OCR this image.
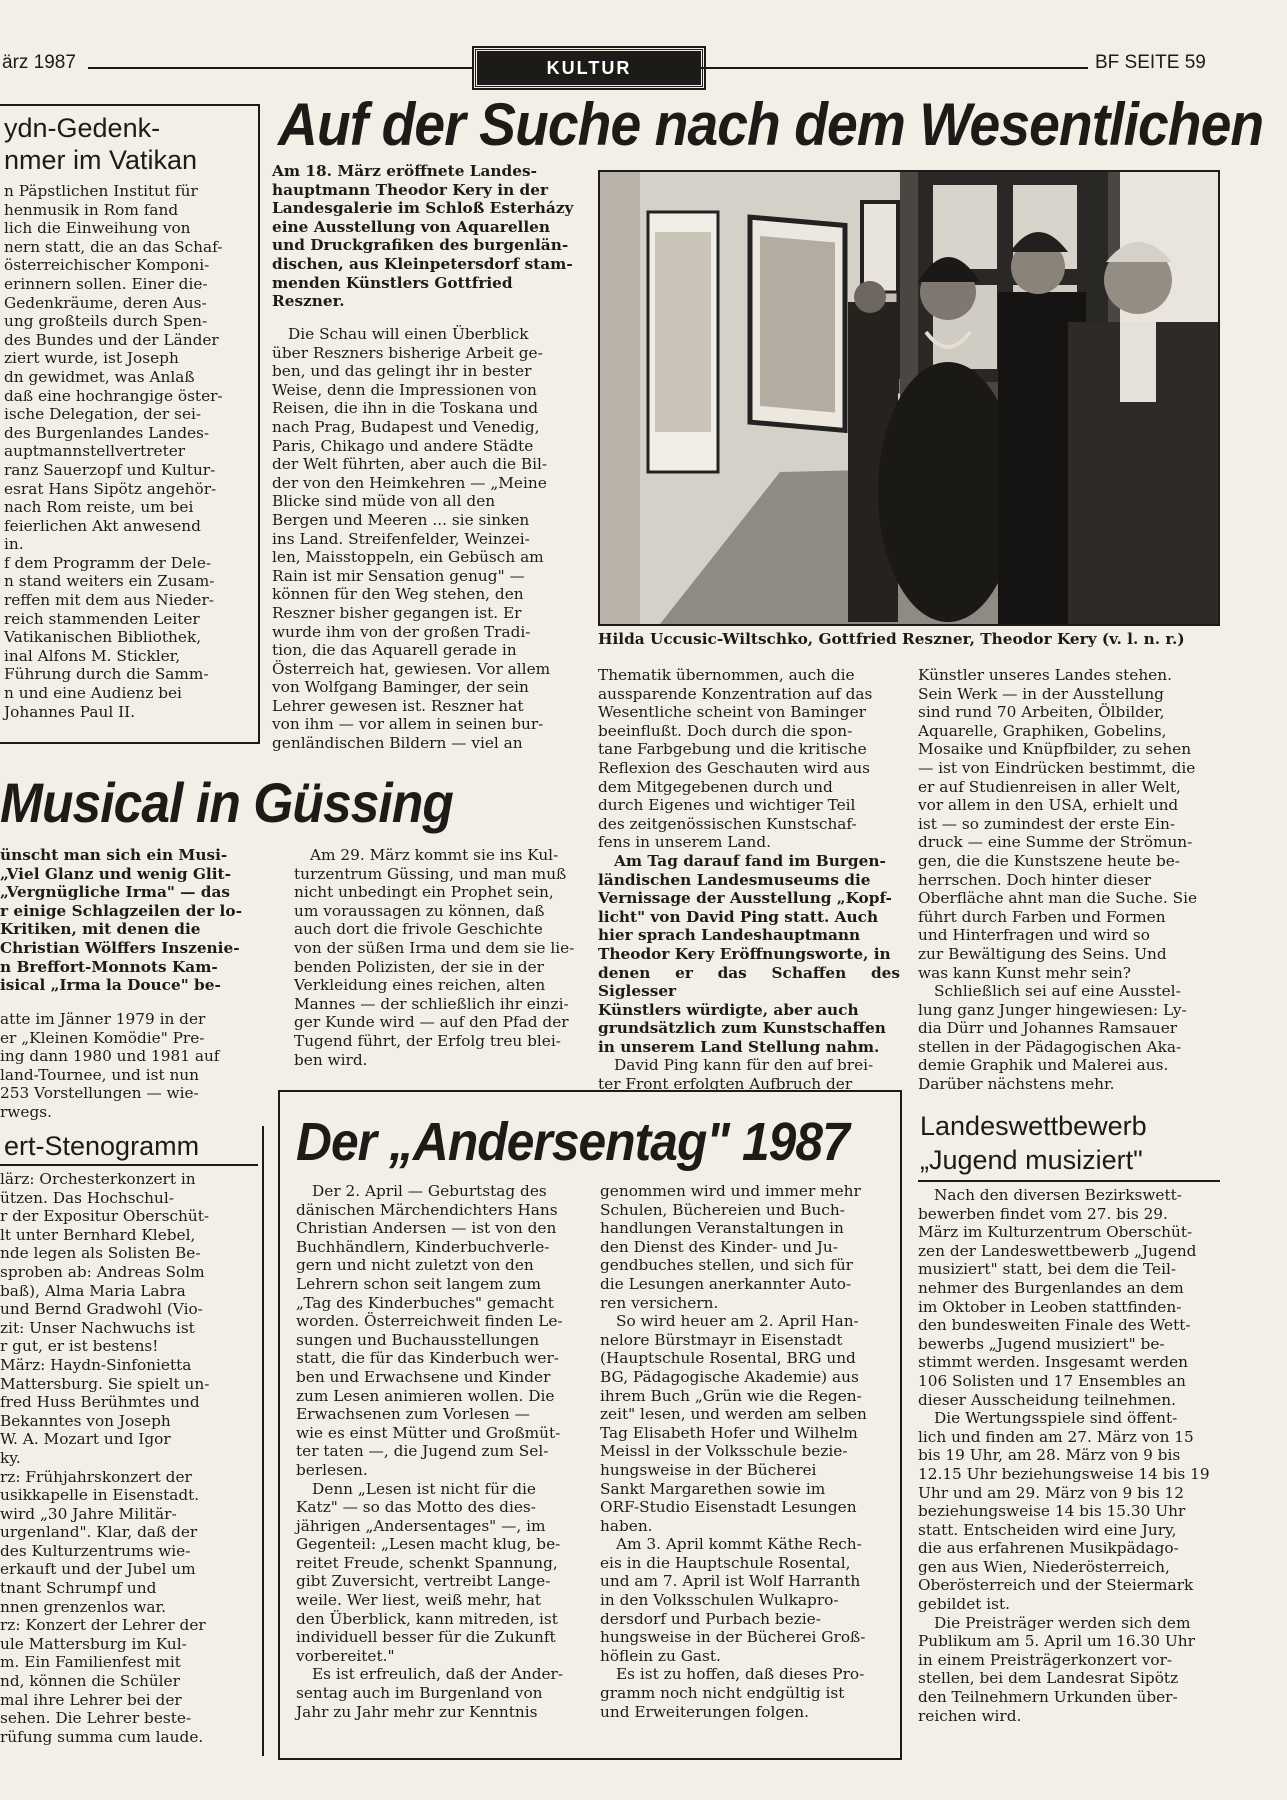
ärz 1987	KULTUR	BF SEITE 59
ydn-Gedenk-
nmer im Vatikan

n Päpstlichen Institut für
henmusik in Rom fand
lich die Einweihung von
nern statt, die an das Schaf-
österreichischer Komponi-
erinnern sollen. Einer die-
Gedenkräume, deren Aus-
ung großteils durch Spen-
des Bundes und der Länder
ziert wurde, ist Joseph
dn gewidmet, was Anlaß
daß eine hochrangige öster-
ische Delegation, der sei-
des Burgenlandes Landes-
auptmannstellvertreter
ranz Sauerzopf und Kultur-
esrat Hans Sipötz angehör-
nach Rom reiste, um bei
feierlichen Akt anwesend
in.

f dem Programm der Dele-
n stand weiters ein Zusam-
reffen mit dem aus Nieder-
reich stammenden Leiter
Vatikanischen Bibliothek,
inal Alfons M. Stickler,
Führung durch die Samm-
n und eine Audienz bei
Johannes Paul II.

Auf der Suche nach dem Wesentlichen

Am 18. März eröffnete Landes-
hauptmann Theodor Kery in der
Landesgalerie im Schloß Esterházy
eine Ausstellung von Aquarellen
und Druckgrafiken des burgenlän-
dischen, aus Kleinpetersdorf stam-
menden Künstlers Gottfried
Reszner.

Die Schau will einen Überblick
über Reszners bisherige Arbeit ge-
ben, und das gelingt ihr in bester
Weise, denn die Impressionen von
Reisen, die ihn in die Toskana und
nach Prag, Budapest und Venedig,
Paris, Chikago und andere Städte
der Welt führten, aber auch die Bil-
der von den Heimkehren — „Meine
Blicke sind müde von all den
Bergen und Meeren ... sie sinken
ins Land. Streifenfelder, Weinzei-
len, Maisstoppeln, ein Gebüsch am
Rain ist mir Sensation genug" —
können für den Weg stehen, den
Reszner bisher gegangen ist. Er
wurde ihm von der großen Tradi-
tion, die das Aquarell gerade in
Österreich hat, gewiesen. Vor allem
von Wolfgang Baminger, der sein
Lehrer gewesen ist. Reszner hat
von ihm — vor allem in seinen bur-
genländischen Bildern — viel an

Hilda Uccusic-Wiltschko, Gottfried Reszner, Theodor Kery (v. l. n. r.)

Thematik übernommen, auch die
aussparende Konzentration auf das
Wesentliche scheint von Baminger
beeinflußt. Doch durch die spon-
tane Farbgebung und die kritische
Reflexion des Geschauten wird aus
dem Mitgegebenen durch und
durch Eigenes und wichtiger Teil
des zeitgenössischen Kunstschaf-
fens in unserem Land.

Am Tag darauf fand im Burgen-
ländischen Landesmuseums die
Vernissage der Ausstellung „Kopf-
licht" von David Ping statt. Auch
hier sprach Landeshauptmann
Theodor Kery Eröffnungsworte, in
denen er das Schaffen des Siglesser
Künstlers würdigte, aber auch
grundsätzlich zum Kunstschaffen
in unserem Land Stellung nahm.

David Ping kann für den auf brei-
ter Front erfolgten Aufbruch der

Künstler unseres Landes stehen.
Sein Werk — in der Ausstellung
sind rund 70 Arbeiten, Ölbilder,
Aquarelle, Graphiken, Gobelins,
Mosaike und Knüpfbilder, zu sehen
— ist von Eindrücken bestimmt, die
er auf Studienreisen in aller Welt,
vor allem in den USA, erhielt und
ist — so zumindest der erste Ein-
druck — eine Summe der Strömun-
gen, die die Kunstszene heute be-
herrschen. Doch hinter dieser
Oberfläche ahnt man die Suche. Sie
führt durch Farben und Formen
und Hinterfragen und wird so
zur Bewältigung des Seins. Und
was kann Kunst mehr sein?

Schließlich sei auf eine Ausstel-
lung ganz Junger hingewiesen: Ly-
dia Dürr und Johannes Ramsauer
stellen in der Pädagogischen Aka-
demie Graphik und Malerei aus.
Darüber nächstens mehr.

Musical in Güssing

ünscht man sich ein Musi-
„Viel Glanz und wenig Glit-
„Vergnügliche Irma" — das
r einige Schlagzeilen der lo-
Kritiken, mit denen die
Christian Wölffers Inszenie-
n Breffort-Monnots Kam-
isical „Irma la Douce" be-

atte im Jänner 1979 in der
er „Kleinen Komödie" Pre-
ing dann 1980 und 1981 auf
land-Tournee, und ist nun
253 Vorstellungen — wie-
rwegs.

Am 29. März kommt sie ins Kul-
turzentrum Güssing, und man muß
nicht unbedingt ein Prophet sein,
um voraussagen zu können, daß
auch dort die frivole Geschichte
von der süßen Irma und dem sie lie-
benden Polizisten, der sie in der
Verkleidung eines reichen, alten
Mannes — der schließlich ihr einzi-
ger Kunde wird — auf den Pfad der
Tugend führt, der Erfolg treu blei-
ben wird.

ert-Stenogramm

lärz: Orchesterkonzert in
ützen. Das Hochschul-
r der Expositur Oberschüt-
lt unter Bernhard Klebel,
nde legen als Solisten Be-
sproben ab: Andreas Solm
baß), Alma Maria Labra
und Bernd Gradwohl (Vio-
zit: Unser Nachwuchs ist
r gut, er ist bestens!

März: Haydn-Sinfonietta
Mattersburg. Sie spielt un-
fred Huss Berühmtes und
Bekanntes von Joseph
W. A. Mozart und Igor
ky.

rz: Frühjahrskonzert der
usikkapelle in Eisenstadt.
wird „30 Jahre Militär-
urgenland". Klar, daß der
des Kulturzentrums wie-
erkauft und der Jubel um
tnant Schrumpf und
nnen grenzenlos war.

rz: Konzert der Lehrer der
ule Mattersburg im Kul-
m. Ein Familienfest mit
nd, können die Schüler
mal ihre Lehrer bei der
sehen. Die Lehrer beste-
rüfung summa cum laude.

Der „Andersentag" 1987

Der 2. April — Geburtstag des
dänischen Märchendichters Hans
Christian Andersen — ist von den
Buchhändlern, Kinderbuchverle-
gern und nicht zuletzt von den
Lehrern schon seit langem zum
„Tag des Kinderbuches" gemacht
worden. Österreichweit finden Le-
sungen und Buchausstellungen
statt, die für das Kinderbuch wer-
ben und Erwachsene und Kinder
zum Lesen animieren wollen. Die
Erwachsenen zum Vorlesen —
wie es einst Mütter und Großmüt-
ter taten —, die Jugend zum Sel-
berlesen.

Denn „Lesen ist nicht für die
Katz" — so das Motto des dies-
jährigen „Andersentages" —, im
Gegenteil: „Lesen macht klug, be-
reitet Freude, schenkt Spannung,
gibt Zuversicht, vertreibt Lange-
weile. Wer liest, weiß mehr, hat
den Überblick, kann mitreden, ist
individuell besser für die Zukunft
vorbereitet."

Es ist erfreulich, daß der Ander-
sentag auch im Burgenland von
Jahr zu Jahr mehr zur Kenntnis

genommen wird und immer mehr
Schulen, Büchereien und Buch-
handlungen Veranstaltungen in
den Dienst des Kinder- und Ju-
gendbuches stellen, und sich für
die Lesungen anerkannter Auto-
ren versichern.

So wird heuer am 2. April Han-
nelore Bürstmayr in Eisenstadt
(Hauptschule Rosental, BRG und
BG, Pädagogische Akademie) aus
ihrem Buch „Grün wie die Regen-
zeit" lesen, und werden am selben
Tag Elisabeth Hofer und Wilhelm
Meissl in der Volksschule bezie-
hungsweise in der Bücherei
Sankt Margarethen sowie im
ORF-Studio Eisenstadt Lesungen
haben.

Am 3. April kommt Käthe Rech-
eis in die Hauptschule Rosental,
und am 7. April ist Wolf Harranth
in den Volksschulen Wulkapro-
dersdorf und Purbach bezie-
hungsweise in der Bücherei Groß-
höflein zu Gast.

Es ist zu hoffen, daß dieses Pro-
gramm noch nicht endgültig ist
und Erweiterungen folgen.

Landeswettbewerb
„Jugend musiziert"

Nach den diversen Bezirkswett-
bewerben findet vom 27. bis 29.
März im Kulturzentrum Oberschüt-
zen der Landeswettbewerb „Jugend
musiziert" statt, bei dem die Teil-
nehmer des Burgenlandes an dem
im Oktober in Leoben stattfinden-
den bundesweiten Finale des Wett-
bewerbs „Jugend musiziert" be-
stimmt werden. Insgesamt werden
106 Solisten und 17 Ensembles an
dieser Ausscheidung teilnehmen.

Die Wertungsspiele sind öffent-
lich und finden am 27. März von 15
bis 19 Uhr, am 28. März von 9 bis
12.15 Uhr beziehungsweise 14 bis 19
Uhr und am 29. März von 9 bis 12
beziehungsweise 14 bis 15.30 Uhr
statt. Entscheiden wird eine Jury,
die aus erfahrenen Musikpädago-
gen aus Wien, Niederösterreich,
Oberösterreich und der Steiermark
gebildet ist.

Die Preisträger werden sich dem
Publikum am 5. April um 16.30 Uhr
in einem Preisträgerkonzert vor-
stellen, bei dem Landesrat Sipötz
den Teilnehmern Urkunden über-
reichen wird.
